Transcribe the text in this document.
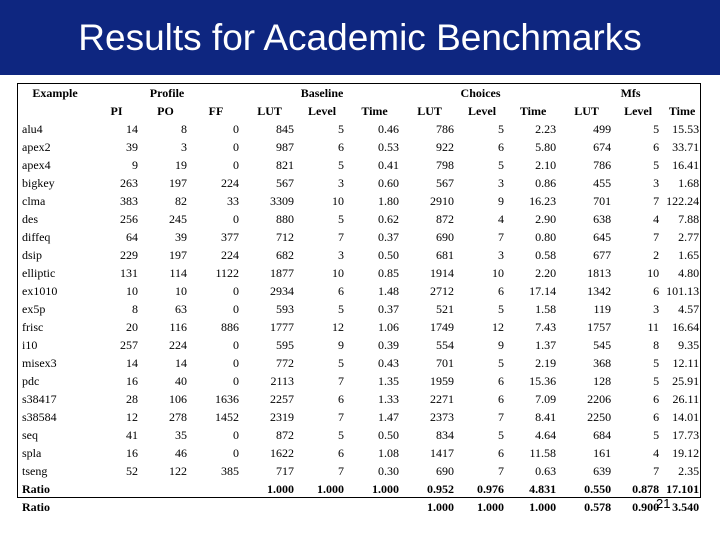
Results for Academic Benchmarks
Example	Profile			Baseline			Choices			Mfs		
	PI	PO	FF	LUT	Level	Time	LUT	Level	Time	LUT	Level	Time
alu4	14	8	0	845	5	0.46	786	5	2.23	499	5	15.53
apex2	39	3	0	987	6	0.53	922	6	5.80	674	6	33.71
apex4	9	19	0	821	5	0.41	798	5	2.10	786	5	16.41
bigkey	263	197	224	567	3	0.60	567	3	0.86	455	3	1.68
clma	383	82	33	3309	10	1.80	2910	9	16.23	701	7	122.24
des	256	245	0	880	5	0.62	872	4	2.90	638	4	7.88
diffeq	64	39	377	712	7	0.37	690	7	0.80	645	7	2.77
dsip	229	197	224	682	3	0.50	681	3	0.58	677	2	1.65
elliptic	131	114	1122	1877	10	0.85	1914	10	2.20	1813	10	4.80
ex1010	10	10	0	2934	6	1.48	2712	6	17.14	1342	6	101.13
ex5p	8	63	0	593	5	0.37	521	5	1.58	119	3	4.57
frisc	20	116	886	1777	12	1.06	1749	12	7.43	1757	11	16.64
i10	257	224	0	595	9	0.39	554	9	1.37	545	8	9.35
misex3	14	14	0	772	5	0.43	701	5	2.19	368	5	12.11
pdc	16	40	0	2113	7	1.35	1959	6	15.36	128	5	25.91
s38417	28	106	1636	2257	6	1.33	2271	6	7.09	2206	6	26.11
s38584	12	278	1452	2319	7	1.47	2373	7	8.41	2250	6	14.01
seq	41	35	0	872	5	0.50	834	5	4.64	684	5	17.73
spla	16	46	0	1622	6	1.08	1417	6	11.58	161	4	19.12
tseng	52	122	385	717	7	0.30	690	7	0.63	639	7	2.35
Ratio				1.000	1.000	1.000	0.952	0.976	4.831	0.550	0.878	17.101
Ratio							1.000	1.000	1.000	0.578	0.900	3.540
21
